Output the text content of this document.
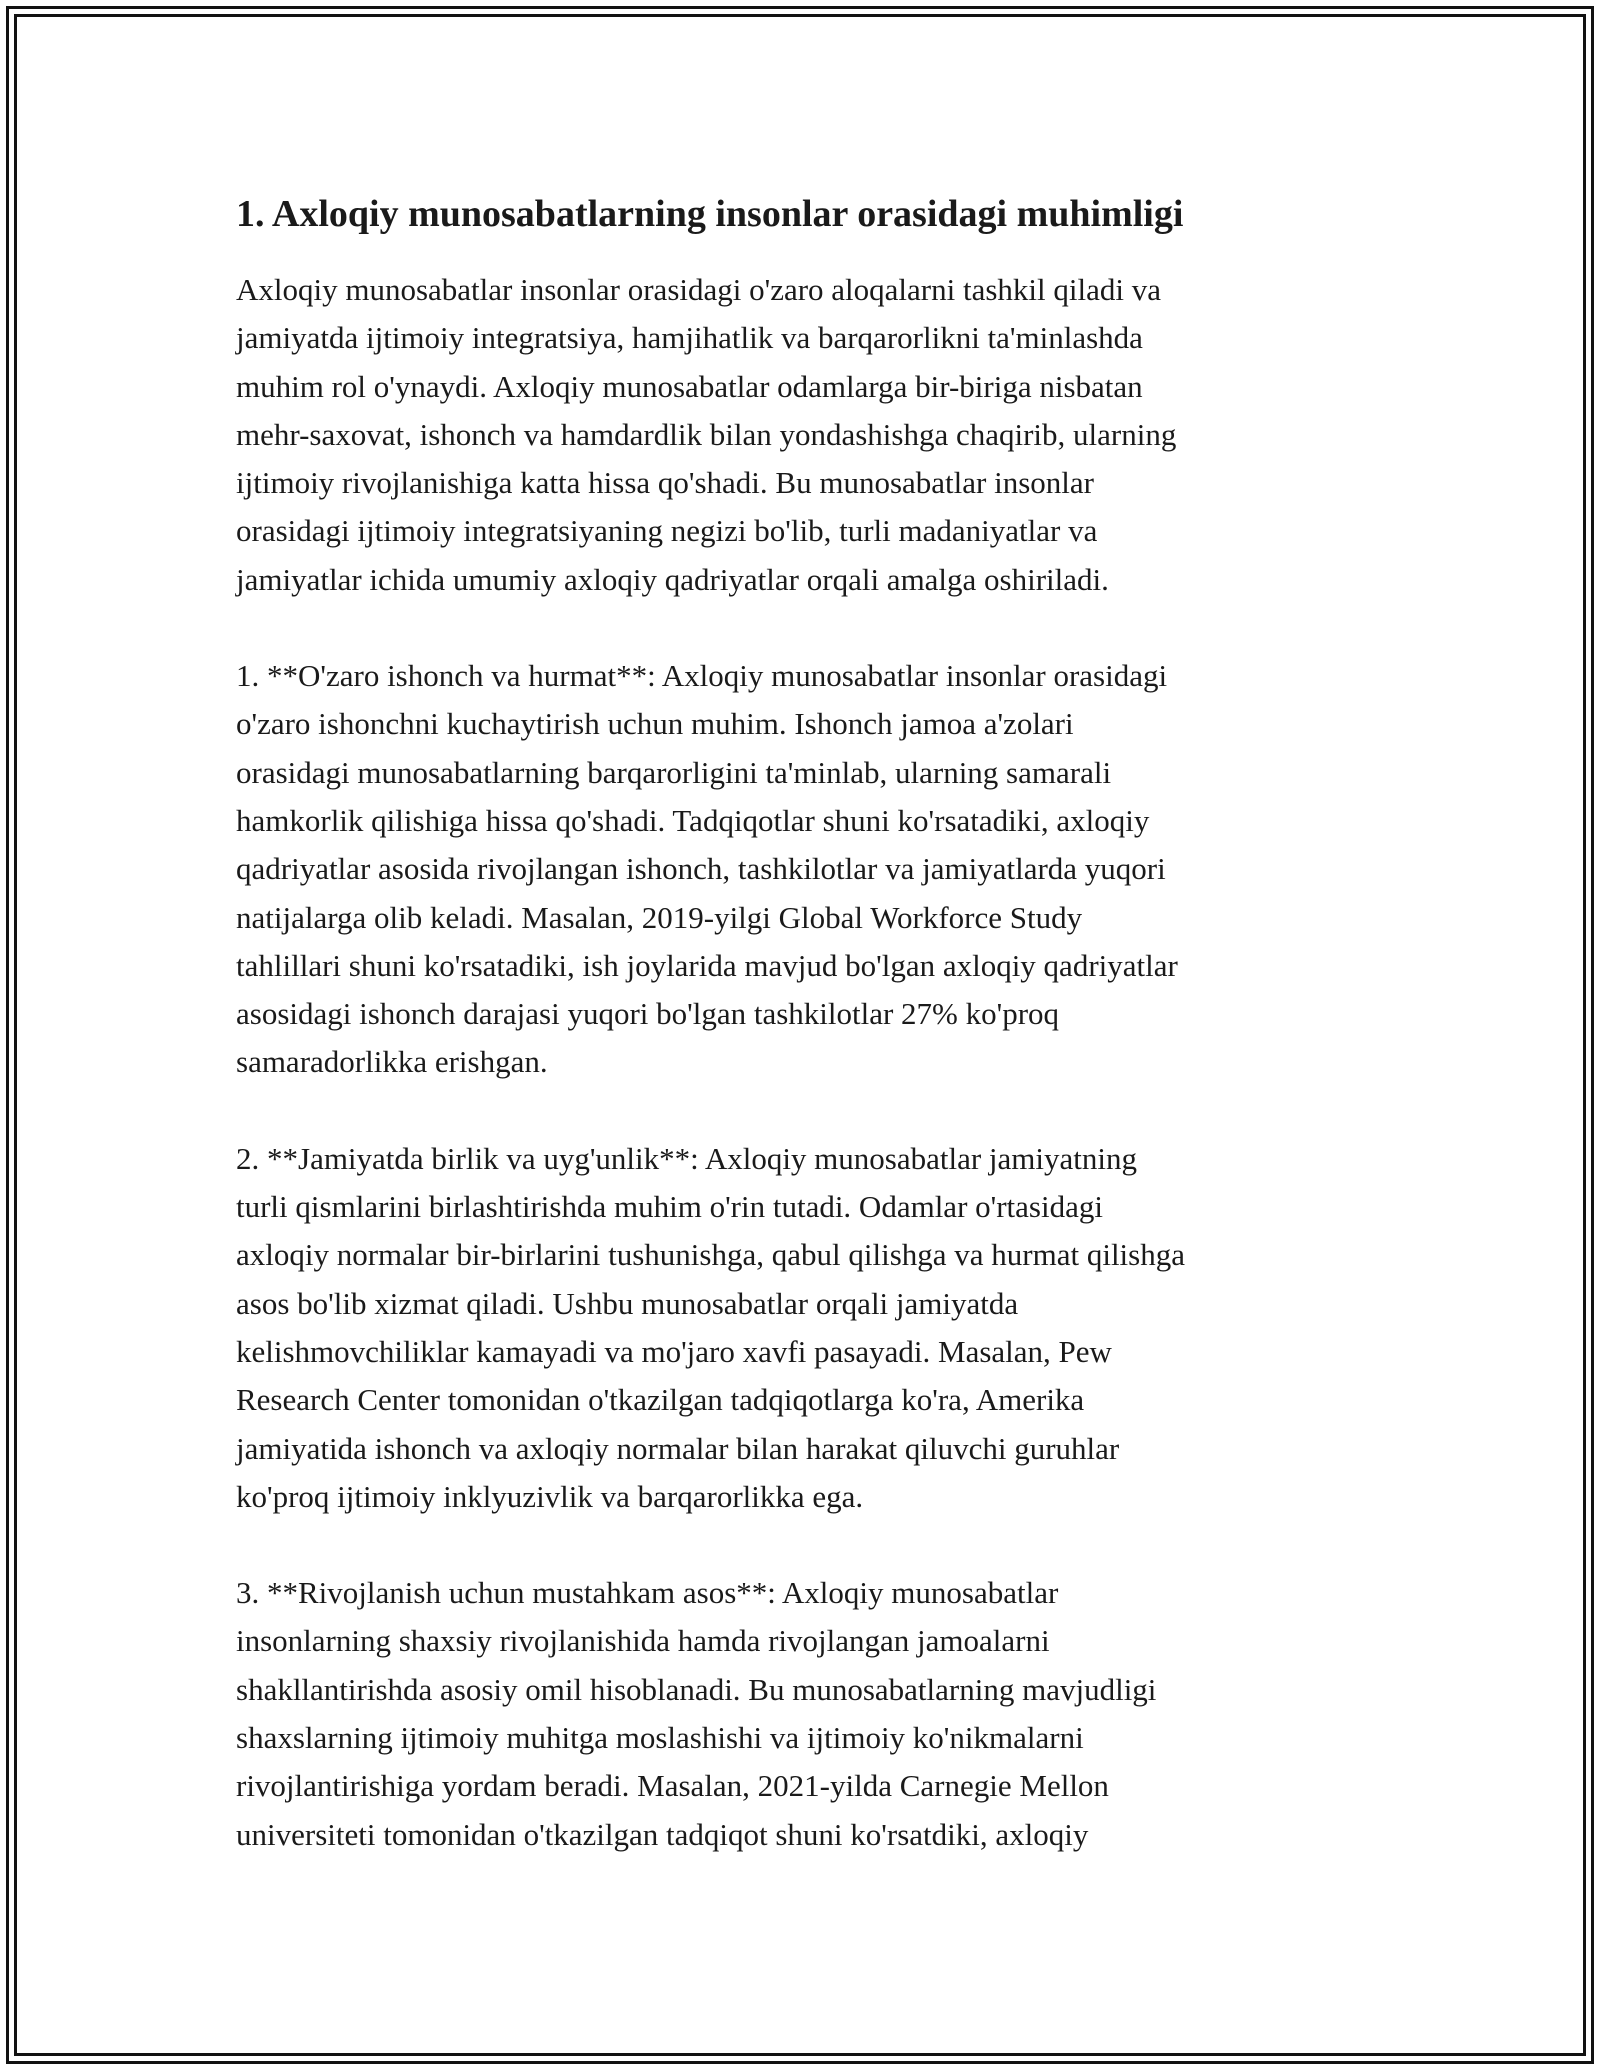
1. Axloqiy munosabatlarning insonlar orasidagi muhimligi

Axloqiy munosabatlar insonlar orasidagi o'zaro aloqalarni tashkil qiladi va
jamiyatda ijtimoiy integratsiya, hamjihatlik va barqarorlikni ta'minlashda
muhim rol o'ynaydi. Axloqiy munosabatlar odamlarga bir-biriga nisbatan
mehr-saxovat, ishonch va hamdardlik bilan yondashishga chaqirib, ularning
ijtimoiy rivojlanishiga katta hissa qo'shadi. Bu munosabatlar insonlar
orasidagi ijtimoiy integratsiyaning negizi bo'lib, turli madaniyatlar va
jamiyatlar ichida umumiy axloqiy qadriyatlar orqali amalga oshiriladi.

1. **O'zaro ishonch va hurmat**: Axloqiy munosabatlar insonlar orasidagi
o'zaro ishonchni kuchaytirish uchun muhim. Ishonch jamoa a'zolari
orasidagi munosabatlarning barqarorligini ta'minlab, ularning samarali
hamkorlik qilishiga hissa qo'shadi. Tadqiqotlar shuni ko'rsatadiki, axloqiy
qadriyatlar asosida rivojlangan ishonch, tashkilotlar va jamiyatlarda yuqori
natijalarga olib keladi. Masalan, 2019-yilgi Global Workforce Study
tahlillari shuni ko'rsatadiki, ish joylarida mavjud bo'lgan axloqiy qadriyatlar
asosidagi ishonch darajasi yuqori bo'lgan tashkilotlar 27% ko'proq
samaradorlikka erishgan.

2. **Jamiyatda birlik va uyg'unlik**: Axloqiy munosabatlar jamiyatning
turli qismlarini birlashtirishda muhim o'rin tutadi. Odamlar o'rtasidagi
axloqiy normalar bir-birlarini tushunishga, qabul qilishga va hurmat qilishga
asos bo'lib xizmat qiladi. Ushbu munosabatlar orqali jamiyatda
kelishmovchiliklar kamayadi va mo'jaro xavfi pasayadi. Masalan, Pew
Research Center tomonidan o'tkazilgan tadqiqotlarga ko'ra, Amerika
jamiyatida ishonch va axloqiy normalar bilan harakat qiluvchi guruhlar
ko'proq ijtimoiy inklyuzivlik va barqarorlikka ega.

3. **Rivojlanish uchun mustahkam asos**: Axloqiy munosabatlar
insonlarning shaxsiy rivojlanishida hamda rivojlangan jamoalarni
shakllantirishda asosiy omil hisoblanadi. Bu munosabatlarning mavjudligi
shaxslarning ijtimoiy muhitga moslashishi va ijtimoiy ko'nikmalarni
rivojlantirishiga yordam beradi. Masalan, 2021-yilda Carnegie Mellon
universiteti tomonidan o'tkazilgan tadqiqot shuni ko'rsatdiki, axloqiy
